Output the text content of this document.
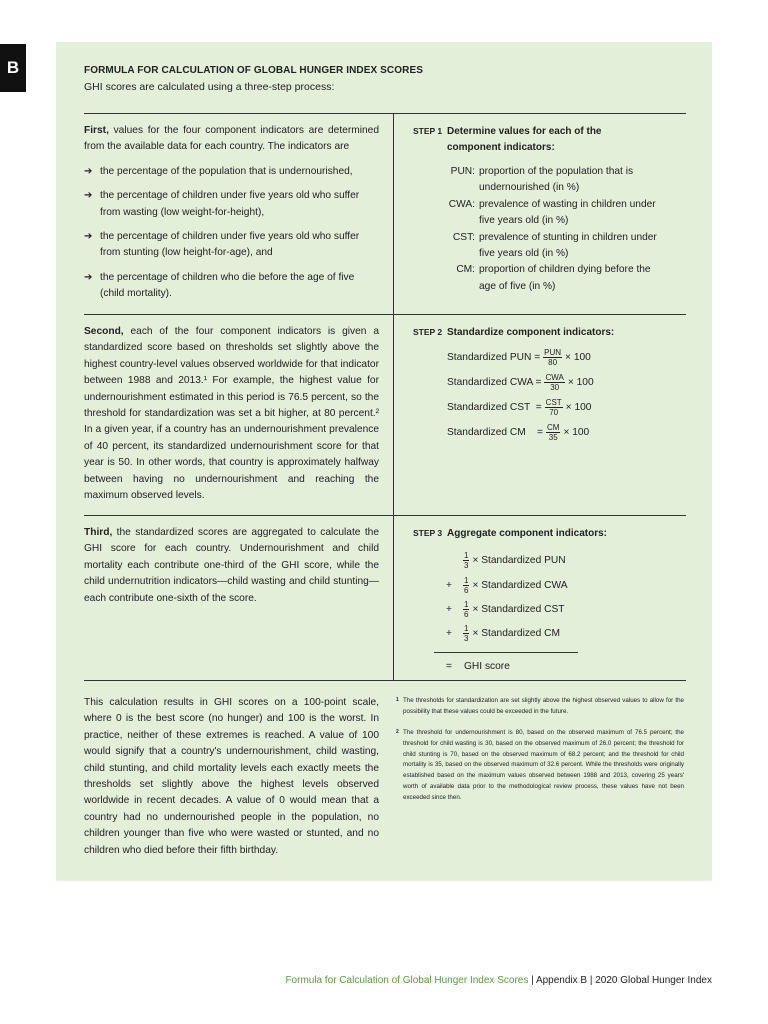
B	FORMULA FOR CALCULATION OF GLOBAL HUNGER INDEX SCORES
GHI scores are calculated using a three-step process:

First, values for the four component indicators are determined from the available data for each country. The indicators are

➔ the percentage of the population that is undernourished,
➔ the percentage of children under five years old who suffer from wasting (low weight-for-height),
➔ the percentage of children under five years old who suffer from stunting (low height-for-age), and
➔ the percentage of children who die before the age of five (child mortality).
STEP 1 Determine values for each of the
component indicators:
PUN: proportion of the population that is undernourished (in %)
CWA: prevalence of wasting in children under five years old (in %)
CST: prevalence of stunting in children under five years old (in %)
CM: proportion of children dying before the age of five (in %)

Second, each of the four component indicators is given a standardized score based on thresholds set slightly above the highest country-level values observed worldwide for that indicator between 1988 and 2013.¹ For example, the highest value for undernourishment estimated in this period is 76.5 percent, so the threshold for standardization was set a bit higher, at 80 percent.² In a given year, if a country has an undernourishment prevalence of 40 percent, its standardized undernourishment score for that year is 50. In other words, that country is approximately halfway between having no undernourishment and reaching the maximum observed levels.

STEP 2 Standardize component indicators:
Standardized PUN = $\frac{\text{PUN}}{80} \times 100$
Standardized CWA = $\frac{\text{CWA}}{30} \times 100$
Standardized CST  = $\frac{\text{CST}}{70} \times 100$
Standardized CM    = $\frac{CM}{35} \times 100$

Third, the standardized scores are aggregated to calculate the GHI score for each country. Undernourishment and child mortality each contribute one-third of the GHI score, while the child undernutrition indicators—child wasting and child stunting—each contribute one-sixth of the score.

STEP 3 Aggregate component indicators:
$\frac{1}{3}$ × Standardized PUN
+	$\frac{1}{6}$ × Standardized CWA
+	$\frac{1}{6}$ × Standardized CST
+	$\frac{1}{3}$ × Standardized CM
=	GHI score

This calculation results in GHI scores on a 100-point scale, where 0 is the best score (no hunger) and 100 is the worst. In practice, neither of these extremes is reached. A value of 100 would signify that a country's undernourishment, child wasting, child stunting, and child mortality levels each exactly meets the thresholds set slightly above the highest levels observed worldwide in recent decades. A value of 0 would mean that a country had no undernourished people in the population, no children younger than five who were wasted or stunted, and no children who died before their fifth birthday.

1 The thresholds for standardization are set slightly above the highest observed values to allow for the possibility that these values could be exceeded in the future.
2 The threshold for undernourishment is 80, based on the observed maximum of 76.5 percent; the threshold for child wasting is 30, based on the observed maximum of 26.0 percent; the threshold for child stunting is 70, based on the observed maximum of 68.2 percent; and the threshold for child mortality is 35, based on the observed maximum of 32.6 percent. While the thresholds were originally established based on the maximum values observed between 1988 and 2013, covering 25 years' worth of available data prior to the methodological review process, these values have not been exceeded since then.
Formula for Calculation of Global Hunger Index Scores | Appendix B | 2020 Global Hunger Index
